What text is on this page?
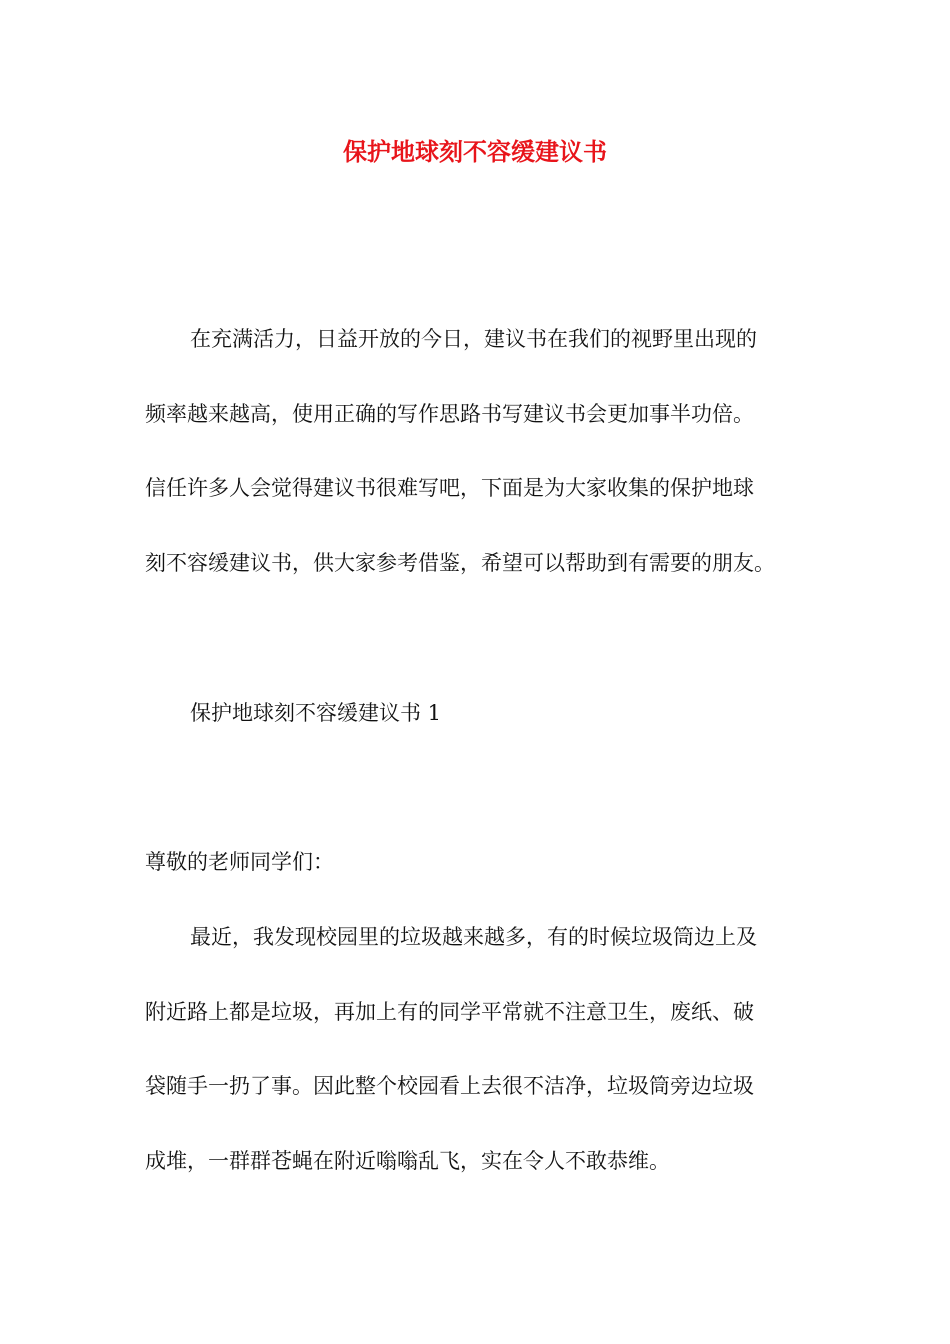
保护地球刻不容缓建议书
在充满活力，日益开放的今日，建议书在我们的视野里出现的
频率越来越高，使用正确的写作思路书写建议书会更加事半功倍。
信任许多人会觉得建议书很难写吧，下面是为大家收集的保护地球
刻不容缓建议书，供大家参考借鉴，希望可以帮助到有需要的朋友。
保护地球刻不容缓建议书 1
尊敬的老师同学们：
最近，我发现校园里的垃圾越来越多，有的时候垃圾筒边上及
附近路上都是垃圾，再加上有的同学平常就不注意卫生，废纸、破
袋随手一扔了事。因此整个校园看上去很不洁净，垃圾筒旁边垃圾
成堆，一群群苍蝇在附近嗡嗡乱飞，实在令人不敢恭维。
